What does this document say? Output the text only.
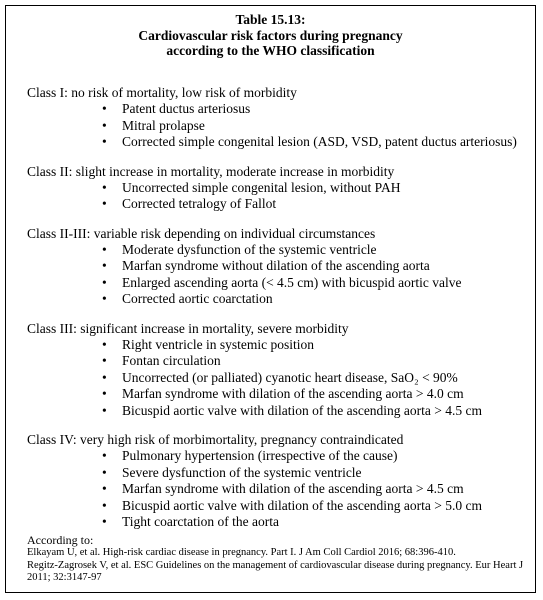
Table 15.13:
Cardiovascular risk factors during pregnancy
according to the WHO classification
Class I: no risk of mortality, low risk of morbidity
• Patent ductus arteriosus
• Mitral prolapse
• Corrected simple congenital lesion (ASD, VSD, patent ductus arteriosus)
Class II: slight increase in mortality, moderate increase in morbidity
• Uncorrected simple congenital lesion, without PAH
• Corrected tetralogy of Fallot
Class II-III: variable risk depending on individual circumstances
• Moderate dysfunction of the systemic ventricle
• Marfan syndrome without dilation of the ascending aorta
• Enlarged ascending aorta (< 4.5 cm) with bicuspid aortic valve
• Corrected aortic coarctation
Class III: significant increase in mortality, severe morbidity
• Right ventricle in systemic position
• Fontan circulation
• Uncorrected (or palliated) cyanotic heart disease, SaO₂ < 90%
• Marfan syndrome with dilation of the ascending aorta > 4.0 cm
• Bicuspid aortic valve with dilation of the ascending aorta > 4.5 cm
Class IV: very high risk of morbimortality, pregnancy contraindicated
• Pulmonary hypertension (irrespective of the cause)
• Severe dysfunction of the systemic ventricle
• Marfan syndrome with dilation of the ascending aorta > 4.5 cm
• Bicuspid aortic valve with dilation of the ascending aorta > 5.0 cm
• Tight coarctation of the aorta
According to:
Elkayam U, et al. High-risk cardiac disease in pregnancy. Part I. J Am Coll Cardiol 2016; 68:396-410.
Regitz-Zagrosek V, et al. ESC Guidelines on the management of cardiovascular disease during pregnancy. Eur Heart J 2011; 32:3147-97
